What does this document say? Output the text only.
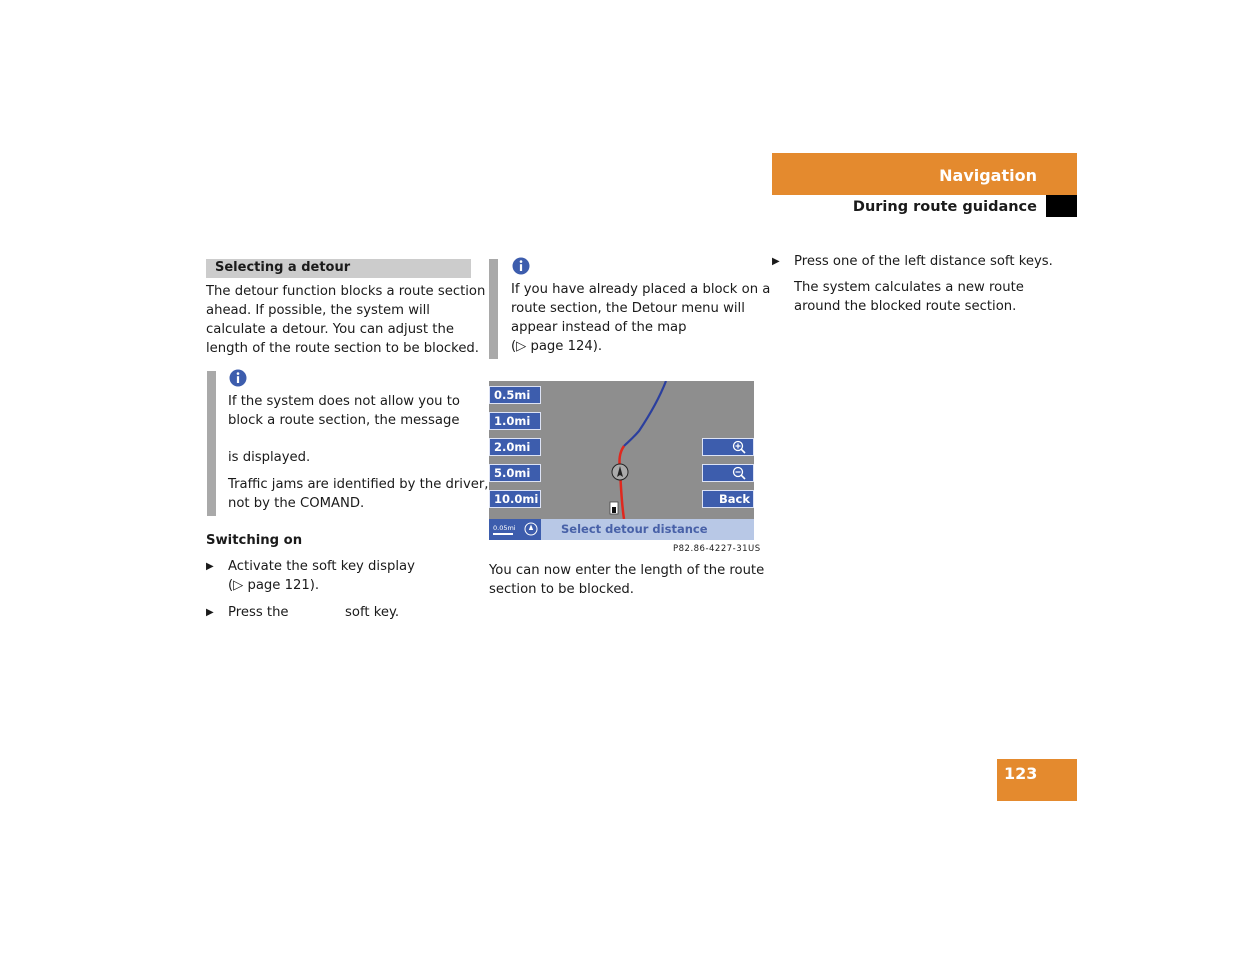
Navigation
During route guidance
Selecting a detour
The detour function blocks a route section
ahead. If possible, the system will
calculate a detour. You can adjust the
length of the route section to be blocked.
If the system does not allow you to
block a route section, the message
is displayed.
Traffic jams are identified by the driver,
not by the COMAND.
Switching on
▶ Activate the soft key display
(▷ page 121).
▶ Press the	soft key.
If you have already placed a block on a
route section, the Detour menu will
appear instead of the map
(▷ page 124).
0.5mi
1.0mi
2.0mi
5.0mi
10.0mi	Back
0.05mi	Select detour distance
P82.86-4227-31US
You can now enter the length of the route
section to be blocked.
▶ Press one of the left distance soft keys.
The system calculates a new route
around the blocked route section.
123
